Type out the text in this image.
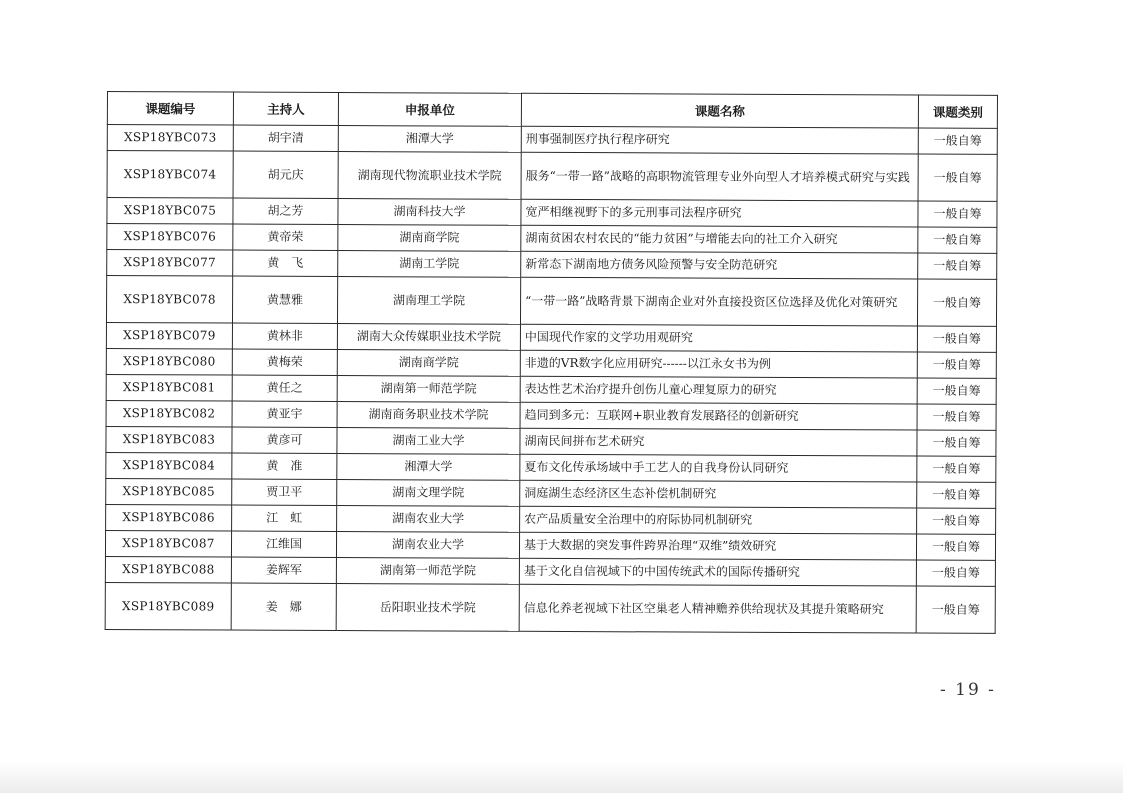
课题编号	主持人	申报单位	课题名称	课题类别
XSP18YBC073	胡宇清	湘潭大学	刑事强制医疗执行程序研究	一般自筹
XSP18YBC074	胡元庆	湖南现代物流职业技术学院	服务“一带一路”战略的高职物流管理专业外向型人才培养模式研究与实践	一般自筹
XSP18YBC075	胡之芳	湖南科技大学	宽严相继视野下的多元刑事司法程序研究	一般自筹
XSP18YBC076	黄帝荣	湖南商学院	湖南贫困农村农民的“能力贫困”与增能去向的社工介入研究	一般自筹
XSP18YBC077	黄　飞	湖南工学院	新常态下湖南地方债务风险预警与安全防范研究	一般自筹
XSP18YBC078	黄慧雅	湖南理工学院	“一带一路”战略背景下湖南企业对外直接投资区位选择及优化对策研究	一般自筹
XSP18YBC079	黄林非	湖南大众传媒职业技术学院	中国现代作家的文学功用观研究	一般自筹
XSP18YBC080	黄梅荣	湖南商学院	非遗的VR数字化应用研究------以江永女书为例	一般自筹
XSP18YBC081	黄任之	湖南第一师范学院	表达性艺术治疗提升创伤儿童心理复原力的研究	一般自筹
XSP18YBC082	黄亚宇	湖南商务职业技术学院	趋同到多元：互联网+职业教育发展路径的创新研究	一般自筹
XSP18YBC083	黄彦可	湖南工业大学	湖南民间拼布艺术研究	一般自筹
XSP18YBC084	黄　准	湘潭大学	夏布文化传承场域中手工艺人的自我身份认同研究	一般自筹
XSP18YBC085	贾卫平	湖南文理学院	洞庭湖生态经济区生态补偿机制研究	一般自筹
XSP18YBC086	江　虹	湖南农业大学	农产品质量安全治理中的府际协同机制研究	一般自筹
XSP18YBC087	江维国	湖南农业大学	基于大数据的突发事件跨界治理“双维”绩效研究	一般自筹
XSP18YBC088	姜辉军	湖南第一师范学院	基于文化自信视域下的中国传统武术的国际传播研究	一般自筹
XSP18YBC089	姜　娜	岳阳职业技术学院	信息化养老视域下社区空巢老人精神赡养供给现状及其提升策略研究	一般自筹
- 19 -
